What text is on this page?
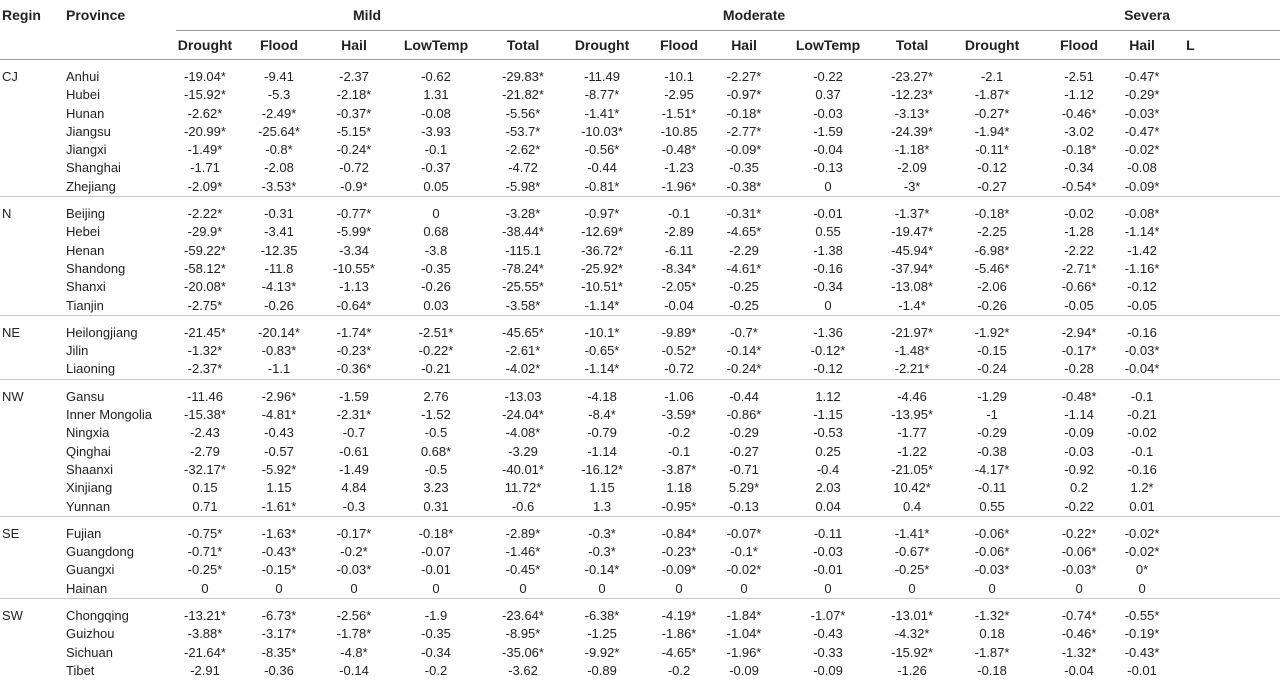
Regin	Province	Mild					Moderate					Severa			
		Drought	Flood	Hail	LowTemp	Total	Drought	Flood	Hail	LowTemp	Total	Drought	Flood	Hail	L
CJ	Anhui	-19.04*	-9.41	-2.37	-0.62	-29.83*	-11.49	-10.1	-2.27*	-0.22	-23.27*	-2.1	-2.51	-0.47*	
	Hubei	-15.92*	-5.3	-2.18*	1.31	-21.82*	-8.77*	-2.95	-0.97*	0.37	-12.23*	-1.87*	-1.12	-0.29*	
	Hunan	-2.62*	-2.49*	-0.37*	-0.08	-5.56*	-1.41*	-1.51*	-0.18*	-0.03	-3.13*	-0.27*	-0.46*	-0.03*	
	Jiangsu	-20.99*	-25.64*	-5.15*	-3.93	-53.7*	-10.03*	-10.85	-2.77*	-1.59	-24.39*	-1.94*	-3.02	-0.47*	
	Jiangxi	-1.49*	-0.8*	-0.24*	-0.1	-2.62*	-0.56*	-0.48*	-0.09*	-0.04	-1.18*	-0.11*	-0.18*	-0.02*	
	Shanghai	-1.71	-2.08	-0.72	-0.37	-4.72	-0.44	-1.23	-0.35	-0.13	-2.09	-0.12	-0.34	-0.08	
	Zhejiang	-2.09*	-3.53*	-0.9*	0.05	-5.98*	-0.81*	-1.96*	-0.38*	0	-3*	-0.27	-0.54*	-0.09*	
N	Beijing	-2.22*	-0.31	-0.77*	0	-3.28*	-0.97*	-0.1	-0.31*	-0.01	-1.37*	-0.18*	-0.02	-0.08*	
	Hebei	-29.9*	-3.41	-5.99*	0.68	-38.44*	-12.69*	-2.89	-4.65*	0.55	-19.47*	-2.25	-1.28	-1.14*	
	Henan	-59.22*	-12.35	-3.34	-3.8	-115.1	-36.72*	-6.11	-2.29	-1.38	-45.94*	-6.98*	-2.22	-1.42	
	Shandong	-58.12*	-11.8	-10.55*	-0.35	-78.24*	-25.92*	-8.34*	-4.61*	-0.16	-37.94*	-5.46*	-2.71*	-1.16*	
	Shanxi	-20.08*	-4.13*	-1.13	-0.26	-25.55*	-10.51*	-2.05*	-0.25	-0.34	-13.08*	-2.06	-0.66*	-0.12	
	Tianjin	-2.75*	-0.26	-0.64*	0.03	-3.58*	-1.14*	-0.04	-0.25	0	-1.4*	-0.26	-0.05	-0.05	
NE	Heilongjiang	-21.45*	-20.14*	-1.74*	-2.51*	-45.65*	-10.1*	-9.89*	-0.7*	-1.36	-21.97*	-1.92*	-2.94*	-0.16	
	Jilin	-1.32*	-0.83*	-0.23*	-0.22*	-2.61*	-0.65*	-0.52*	-0.14*	-0.12*	-1.48*	-0.15	-0.17*	-0.03*	
	Liaoning	-2.37*	-1.1	-0.36*	-0.21	-4.02*	-1.14*	-0.72	-0.24*	-0.12	-2.21*	-0.24	-0.28	-0.04*	
NW	Gansu	-11.46	-2.96*	-1.59	2.76	-13.03	-4.18	-1.06	-0.44	1.12	-4.46	-1.29	-0.48*	-0.1	
	Inner Mongolia	-15.38*	-4.81*	-2.31*	-1.52	-24.04*	-8.4*	-3.59*	-0.86*	-1.15	-13.95*	-1	-1.14	-0.21	
	Ningxia	-2.43	-0.43	-0.7	-0.5	-4.08*	-0.79	-0.2	-0.29	-0.53	-1.77	-0.29	-0.09	-0.02	
	Qinghai	-2.79	-0.57	-0.61	0.68*	-3.29	-1.14	-0.1	-0.27	0.25	-1.22	-0.38	-0.03	-0.1	
	Shaanxi	-32.17*	-5.92*	-1.49	-0.5	-40.01*	-16.12*	-3.87*	-0.71	-0.4	-21.05*	-4.17*	-0.92	-0.16	
	Xinjiang	0.15	1.15	4.84	3.23	11.72*	1.15	1.18	5.29*	2.03	10.42*	-0.11	0.2	1.2*	
	Yunnan	0.71	-1.61*	-0.3	0.31	-0.6	1.3	-0.95*	-0.13	0.04	0.4	0.55	-0.22	0.01	
SE	Fujian	-0.75*	-1.63*	-0.17*	-0.18*	-2.89*	-0.3*	-0.84*	-0.07*	-0.11	-1.41*	-0.06*	-0.22*	-0.02*	
	Guangdong	-0.71*	-0.43*	-0.2*	-0.07	-1.46*	-0.3*	-0.23*	-0.1*	-0.03	-0.67*	-0.06*	-0.06*	-0.02*	
	Guangxi	-0.25*	-0.15*	-0.03*	-0.01	-0.45*	-0.14*	-0.09*	-0.02*	-0.01	-0.25*	-0.03*	-0.03*	0*	
	Hainan	0	0	0	0	0	0	0	0	0	0	0	0	0	
SW	Chongqing	-13.21*	-6.73*	-2.56*	-1.9	-23.64*	-6.38*	-4.19*	-1.84*	-1.07*	-13.01*	-1.32*	-0.74*	-0.55*	
	Guizhou	-3.88*	-3.17*	-1.78*	-0.35	-8.95*	-1.25	-1.86*	-1.04*	-0.43	-4.32*	0.18	-0.46*	-0.19*	
	Sichuan	-21.64*	-8.35*	-4.8*	-0.34	-35.06*	-9.92*	-4.65*	-1.96*	-0.33	-15.92*	-1.87*	-1.32*	-0.43*	
	Tibet	-2.91	-0.36	-0.14	-0.2	-3.62	-0.89	-0.2	-0.09	-0.09	-1.26	-0.18	-0.04	-0.01	
